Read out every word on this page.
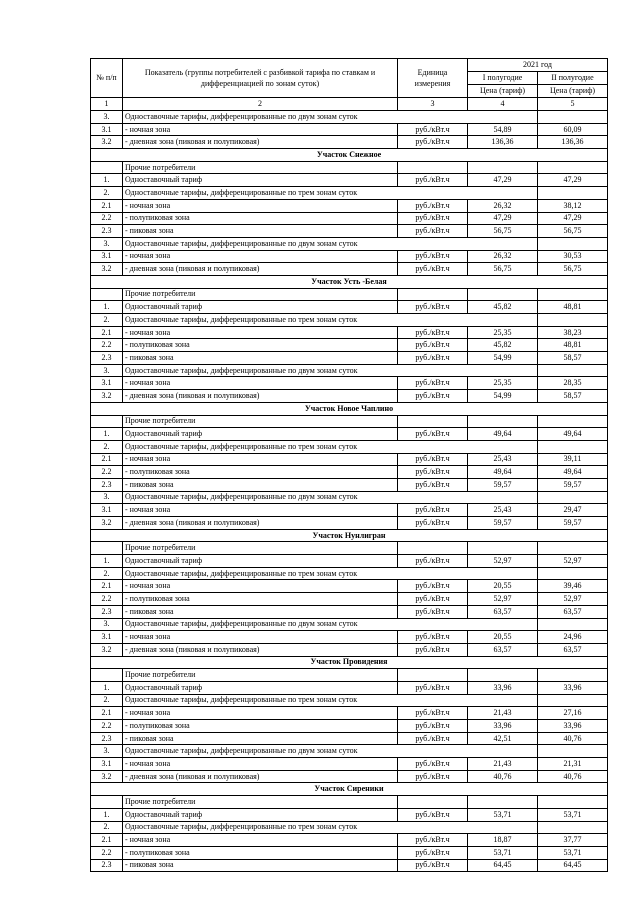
№ п/п	Показатель (группы потребителей с разбивкой тарифа по ставкам и дифференциацией по зонам суток)	Единица измерения	2021 год	
			I полугодие	II полугодие
			Цена (тариф)	Цена (тариф)
1	2	3	4	5
3.	Одноставочные тарифы, дифференцированные по двум зонам суток			
3.1	- ночная зона	руб./кВт.ч	54,89	60,09
3.2	- дневная зона (пиковая и полупиковая)	руб./кВт.ч	136,36	136,36
Участок Снежное				
	Прочие потребители			
1.	Одноставочный тариф	руб./кВт.ч	47,29	47,29
2.	Одноставочные тарифы, дифференцированные по трем зонам суток			
2.1	- ночная зона	руб./кВт.ч	26,32	38,12
2.2	- полупиковая зона	руб./кВт.ч	47,29	47,29
2.3	- пиковая зона	руб./кВт.ч	56,75	56,75
3.	Одноставочные тарифы, дифференцированные по двум зонам суток			
3.1	- ночная зона	руб./кВт.ч	26,32	30,53
3.2	- дневная зона (пиковая и полупиковая)	руб./кВт.ч	56,75	56,75
Участок Усть -Белая				
	Прочие потребители			
1.	Одноставочный тариф	руб./кВт.ч	45,82	48,81
2.	Одноставочные тарифы, дифференцированные по трем зонам суток			
2.1	- ночная зона	руб./кВт.ч	25,35	38,23
2.2	- полупиковая зона	руб./кВт.ч	45,82	48,81
2.3	- пиковая зона	руб./кВт.ч	54,99	58,57
3.	Одноставочные тарифы, дифференцированные по двум зонам суток			
3.1	- ночная зона	руб./кВт.ч	25,35	28,35
3.2	- дневная зона (пиковая и полупиковая)	руб./кВт.ч	54,99	58,57
Участок Новое Чаплино				
	Прочие потребители			
1.	Одноставочный тариф	руб./кВт.ч	49,64	49,64
2.	Одноставочные тарифы, дифференцированные по трем зонам суток			
2.1	- ночная зона	руб./кВт.ч	25,43	39,11
2.2	- полупиковая зона	руб./кВт.ч	49,64	49,64
2.3	- пиковая зона	руб./кВт.ч	59,57	59,57
3.	Одноставочные тарифы, дифференцированные по двум зонам суток			
3.1	- ночная зона	руб./кВт.ч	25,43	29,47
3.2	- дневная зона (пиковая и полупиковая)	руб./кВт.ч	59,57	59,57
Участок Нунлигран				
	Прочие потребители			
1.	Одноставочный тариф	руб./кВт.ч	52,97	52,97
2.	Одноставочные тарифы, дифференцированные по трем зонам суток			
2.1	- ночная зона	руб./кВт.ч	20,55	39,46
2.2	- полупиковая зона	руб./кВт.ч	52,97	52,97
2.3	- пиковая зона	руб./кВт.ч	63,57	63,57
3.	Одноставочные тарифы, дифференцированные по двум зонам суток			
3.1	- ночная зона	руб./кВт.ч	20,55	24,96
3.2	- дневная зона (пиковая и полупиковая)	руб./кВт.ч	63,57	63,57
Участок Провидения				
	Прочие потребители			
1.	Одноставочный тариф	руб./кВт.ч	33,96	33,96
2.	Одноставочные тарифы, дифференцированные по трем зонам суток			
2.1	- ночная зона	руб./кВт.ч	21,43	27,16
2.2	- полупиковая зона	руб./кВт.ч	33,96	33,96
2.3	- пиковая зона	руб./кВт.ч	42,51	40,76
3.	Одноставочные тарифы, дифференцированные по двум зонам суток			
3.1	- ночная зона	руб./кВт.ч	21,43	21,31
3.2	- дневная зона (пиковая и полупиковая)	руб./кВт.ч	40,76	40,76
Участок Сиреники				
	Прочие потребители			
1.	Одноставочный тариф	руб./кВт.ч	53,71	53,71
2.	Одноставочные тарифы, дифференцированные по трем зонам суток			
2.1	- ночная зона	руб./кВт.ч	18,87	37,77
2.2	- полупиковая зона	руб./кВт.ч	53,71	53,71
2.3	- пиковая зона	руб./кВт.ч	64,45	64,45
